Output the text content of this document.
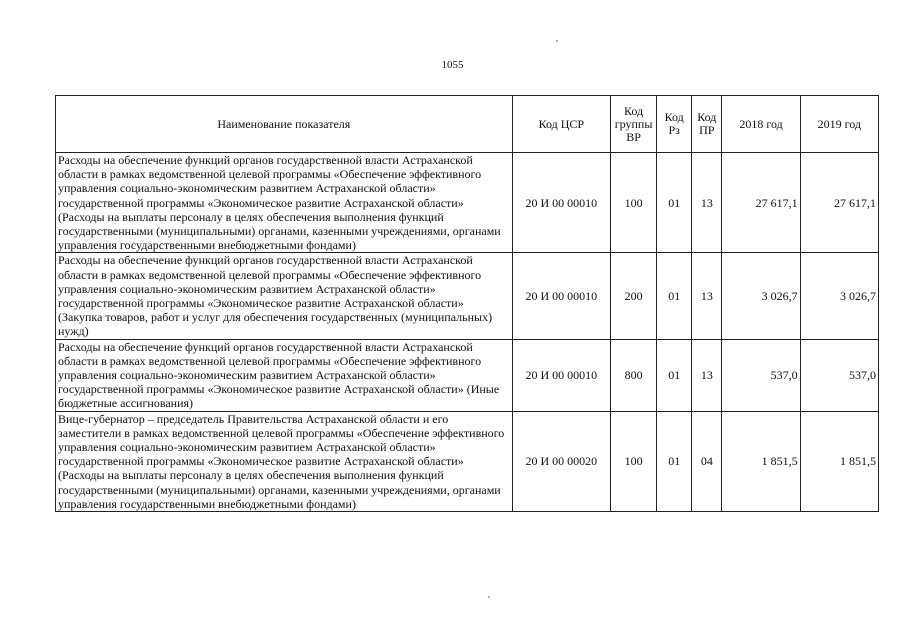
1055
Наименование показателя	Код ЦСР	Код группы ВР	Код Рз	Код ПР	2018 год	2019 год
Расходы на обеспечение функций органов государственной власти Астраханской области в рамках ведомственной целевой программы «Обеспечение эффективного управления социально-экономическим развитием Астраханской области» государственной программы «Экономическое развитие Астраханской области» (Расходы на выплаты персоналу в целях обеспечения выполнения функций государственными (муниципальными) органами, казенными учреждениями, органами управления государственными внебюджетными фондами)	20 И 00 00010	100	01	13	27 617,1	27 617,1
Расходы на обеспечение функций органов государственной власти Астраханской области в рамках ведомственной целевой программы «Обеспечение эффективного управления социально-экономическим развитием Астраханской области» государственной программы «Экономическое развитие Астраханской области» (Закупка товаров, работ и услуг для обеспечения государственных (муниципальных) нужд)	20 И 00 00010	200	01	13	3 026,7	3 026,7
Расходы на обеспечение функций органов государственной власти Астраханской области в рамках ведомственной целевой программы «Обеспечение эффективного управления социально-экономическим развитием Астраханской области» государственной программы «Экономическое развитие Астраханской области» (Иные бюджетные ассигнования)	20 И 00 00010	800	01	13	537,0	537,0
Вице-губернатор – председатель Правительства Астраханской области и его заместители в рамках ведомственной целевой программы «Обеспечение эффективного управления социально-экономическим развитием Астраханской области» государственной программы «Экономическое развитие Астраханской области» (Расходы на выплаты персоналу в целях обеспечения выполнения функций государственными (муниципальными) органами, казенными учреждениями, органами управления государственными внебюджетными фондами)	20 И 00 00020	100	01	04	1 851,5	1 851,5
